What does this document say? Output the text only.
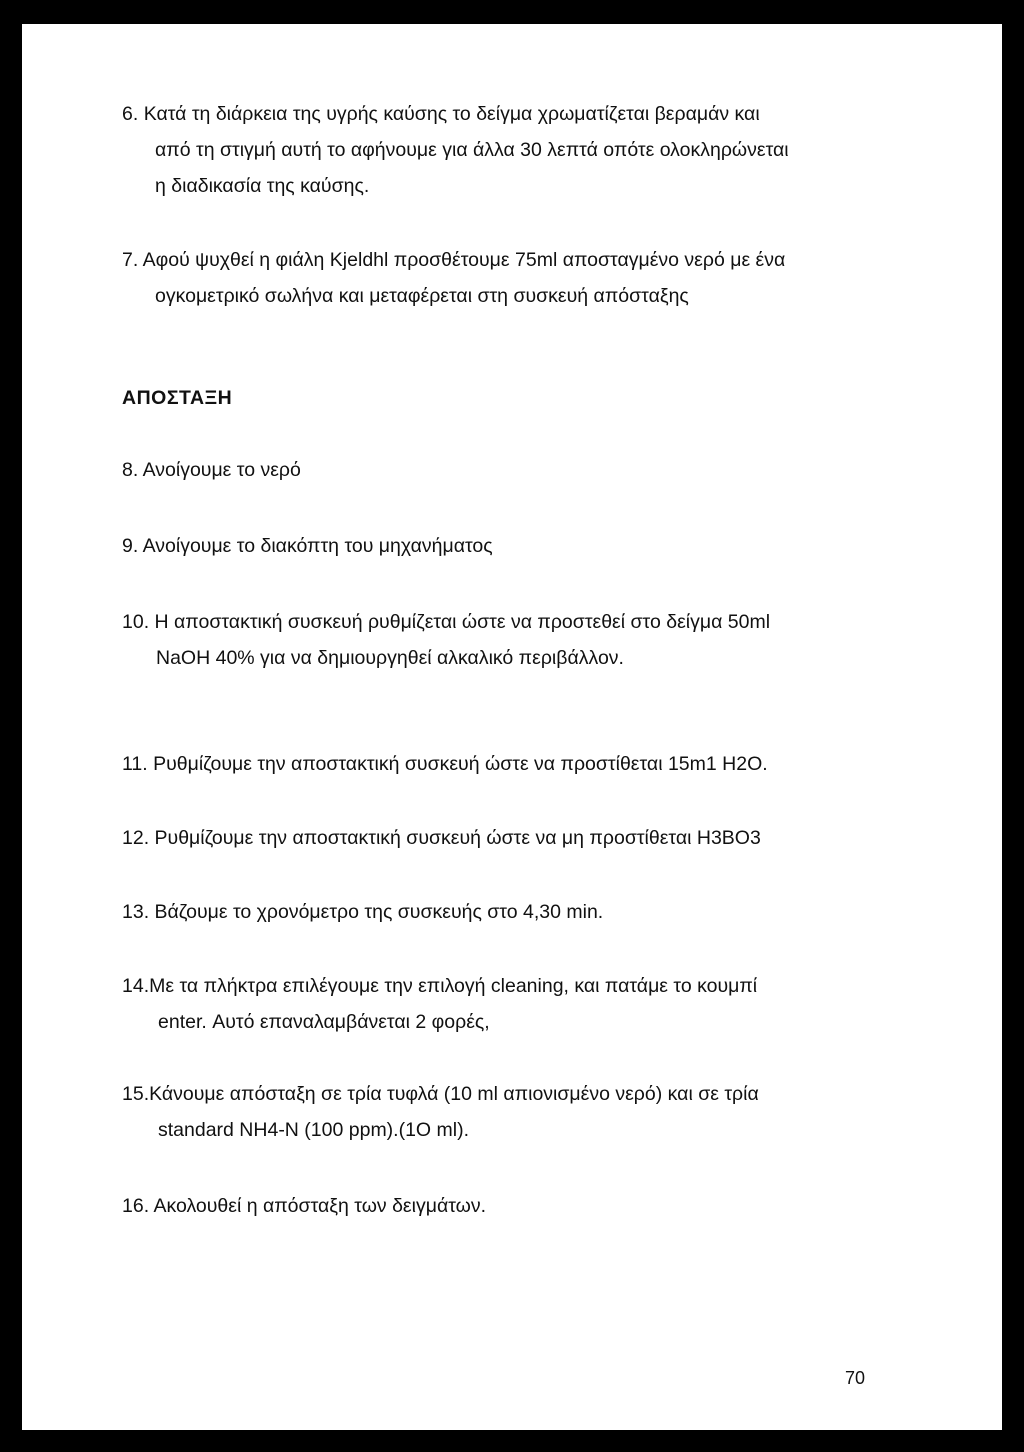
6. Κατά τη διάρκεια της υγρής καύσης το δείγμα χρωματίζεται βεραμάν και
από τη στιγμή αυτή το αφήνουμε για άλλα 30 λεπτά οπότε ολοκληρώνεται
η διαδικασία της καύσης.
7. Αφού ψυχθεί η φιάλη Kjeldhl προσθέτουμε 75ml αποσταγμένο νερό με ένα
ογκομετρικό σωλήνα και μεταφέρεται στη συσκευή απόσταξης
ΑΠΟΣΤΑΞΗ
8. Ανοίγουμε το νερό
9. Ανοίγουμε το διακόπτη του μηχανήματος
10. Η αποστακτική συσκευή ρυθμίζεται ώστε να προστεθεί στο δείγμα 50ml
NaOH 40% για να δημιουργηθεί αλκαλικό περιβάλλον.
11. Ρυθμίζουμε την αποστακτική συσκευή ώστε να προστίθεται 15m1 Η2O.
12. Ρυθμίζουμε την αποστακτική συσκευή ώστε να μη προστίθεται H3BO3
13. Βάζουμε το χρονόμετρο της συσκευής στο 4,30 min.
14.Με τα πλήκτρα επιλέγουμε την επιλογή cleaning, και πατάμε το κουμπί
enter. Αυτό επαναλαμβάνεται 2 φορές,
15.Κάνουμε απόσταξη σε τρία τυφλά (10 ml απιονισμένο νερό) και σε τρία
standard NH4-N (100 ppm).(1O ml).
16. Ακολουθεί η απόσταξη των δειγμάτων.
70
